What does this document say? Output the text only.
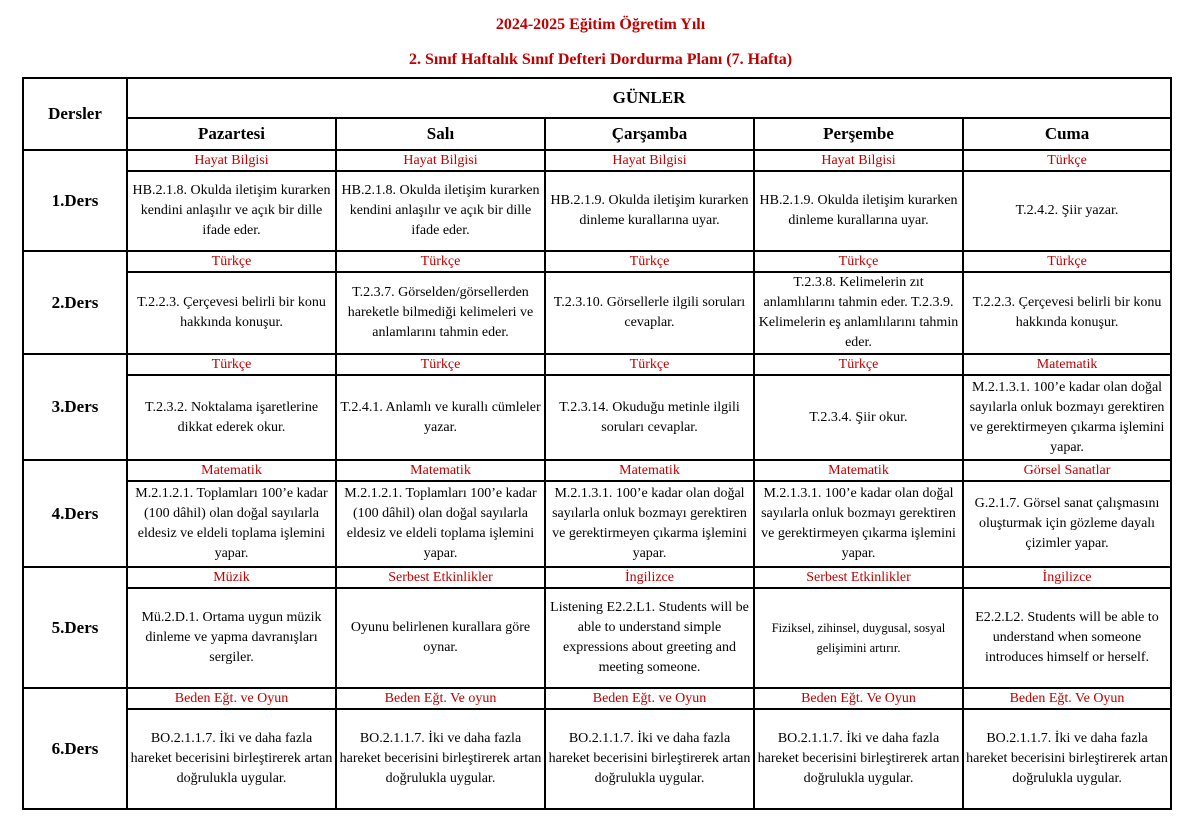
2024-2025 Eğitim Öğretim Yılı
2. Sınıf Haftalık Sınıf Defteri Dordurma Planı (7. Hafta)
Dersler	GÜNLER				
	Pazartesi	Salı	Çarşamba	Perşembe	Cuma
1.Ders	Hayat Bilgisi	Hayat Bilgisi	Hayat Bilgisi	Hayat Bilgisi	Türkçe

	HB.2.1.8. Okulda iletişim kurarken kendini anlaşılır ve açık bir dille ifade eder.	HB.2.1.8. Okulda iletişim kurarken kendini anlaşılır ve açık bir dille ifade eder.	HB.2.1.9. Okulda iletişim kurarken dinleme kurallarına uyar.	HB.2.1.9. Okulda iletişim kurarken dinleme kurallarına uyar.	T.2.4.2. Şiir yazar.

2.Ders	Türkçe	Türkçe	Türkçe	Türkçe	Türkçe

	T.2.2.3. Çerçevesi belirli bir konu hakkında konuşur.	T.2.3.7. Görselden/görsellerden hareketle bilmediği kelimeleri ve anlamlarını tahmin eder.	T.2.3.10. Görsellerle ilgili soruları cevaplar.	T.2.3.8. Kelimelerin zıt anlamlılarını tahmin eder. T.2.3.9. Kelimelerin eş anlamlılarını tahmin eder.	T.2.2.3. Çerçevesi belirli bir konu hakkında konuşur.

3.Ders	Türkçe	Türkçe	Türkçe	Türkçe	Matematik

	T.2.3.2. Noktalama işaretlerine dikkat ederek okur.	T.2.4.1. Anlamlı ve kurallı cümleler yazar.	T.2.3.14. Okuduğu metinle ilgili soruları cevaplar.	T.2.3.4. Şiir okur.	M.2.1.3.1. 100’e kadar olan doğal sayılarla onluk bozmayı gerektiren ve gerektirmeyen çıkarma işlemini yapar.

4.Ders	Matematik	Matematik	Matematik	Matematik	Görsel Sanatlar

	M.2.1.2.1. Toplamları 100’e kadar (100 dâhil) olan doğal sayılarla eldesiz ve eldeli toplama işlemini yapar.	M.2.1.2.1. Toplamları 100’e kadar (100 dâhil) olan doğal sayılarla eldesiz ve eldeli toplama işlemini yapar.	M.2.1.3.1. 100’e kadar olan doğal sayılarla onluk bozmayı gerektiren ve gerektirmeyen çıkarma işlemini yapar.	M.2.1.3.1. 100’e kadar olan doğal sayılarla onluk bozmayı gerektiren ve gerektirmeyen çıkarma işlemini yapar.	G.2.1.7. Görsel sanat çalışmasını oluşturmak için gözleme dayalı çizimler yapar.

5.Ders	Müzik	Serbest Etkinlikler	İngilizce	Serbest Etkinlikler	İngilizce

	Mü.2.D.1. Ortama uygun müzik dinleme ve yapma davranışları sergiler.	Oyunu belirlenen kurallara göre oynar.	Listening E2.2.L1. Students will be able to understand simple expressions about greeting and meeting someone.	Fiziksel, zihinsel, duygusal, sosyal gelişimini artırır.	E2.2.L2. Students will be able to understand when someone introduces himself or herself.

6.Ders	Beden Eğt. ve Oyun	Beden Eğt. Ve oyun	Beden Eğt. ve Oyun	Beden Eğt. Ve Oyun	Beden Eğt. Ve Oyun

	BO.2.1.1.7. İki ve daha fazla hareket becerisini birleştirerek artan doğrulukla uygular.	BO.2.1.1.7. İki ve daha fazla hareket becerisini birleştirerek artan doğrulukla uygular.	BO.2.1.1.7. İki ve daha fazla hareket becerisini birleştirerek artan doğrulukla uygular.	BO.2.1.1.7. İki ve daha fazla hareket becerisini birleştirerek artan doğrulukla uygular.	BO.2.1.1.7. İki ve daha fazla hareket becerisini birleştirerek artan doğrulukla uygular.
